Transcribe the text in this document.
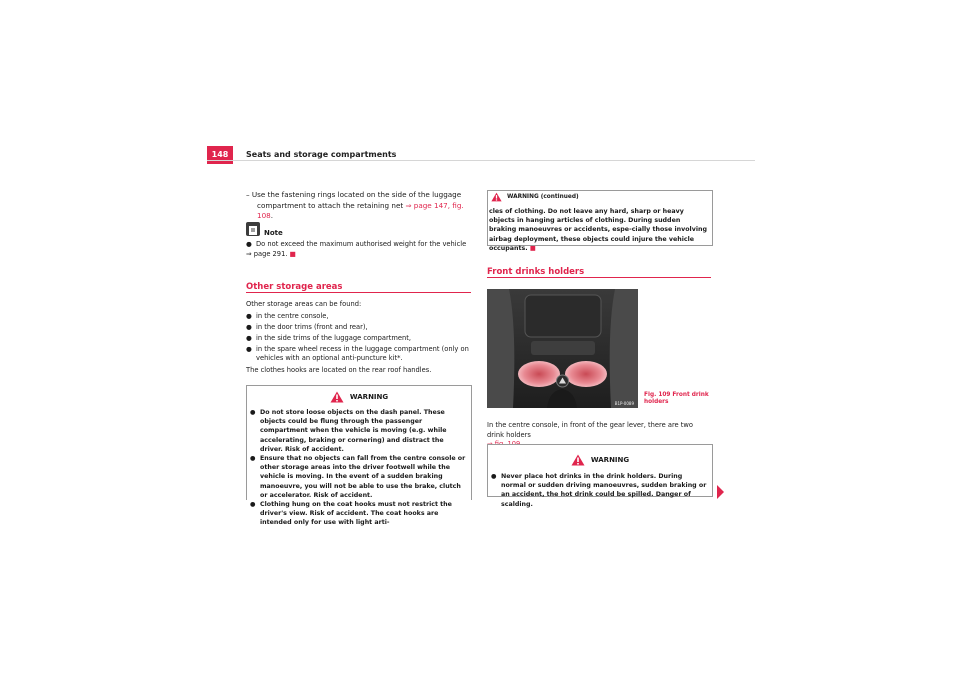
148	Seats and storage compartments
– Use the fastening rings located on the side of the luggage
compartment to attach the retaining net ⇒ page 147, fig. 108.
Note
● Do not exceed the maximum authorised weight for the vehicle
⇒ page 291. ■
Other storage areas
Other storage areas can be found:
● in the centre console,
● in the door trims (front and rear),
● in the side trims of the luggage compartment,
● in the spare wheel recess in the luggage compartment (only on vehicles with an optional anti-puncture kit*.
The clothes hooks are located on the rear roof handles.
WARNING
● Do not store loose objects on the dash panel. These objects could be flung through the passenger compartment when the vehicle is moving (e.g. while accelerating, braking or cornering) and distract the driver. Risk of accident.
● Ensure that no objects can fall from the centre console or other storage areas into the driver footwell while the vehicle is moving. In the event of a sudden braking manoeuvre, you will not be able to use the brake, clutch or accelerator. Risk of accident.
● Clothing hung on the coat hooks must not restrict the driver's view. Risk of accident. The coat hooks are intended only for use with light arti-
WARNING (continued)
cles of clothing. Do not leave any hard, sharp or heavy objects in hanging articles of clothing. During sudden braking manoeuvres or accidents, espe-cially those involving airbag deployment, these objects could injure the vehicle occupants. ■
Front drinks holders
B1P-0089
Fig. 109 Front drink
holders
In the centre console, in front of the gear lever, there are two drink holders

WARNING
● Never place hot drinks in the drink holders. During normal or sudden driving manoeuvres, sudden braking or an accident, the hot drink could be spilled. Danger of scalding.
